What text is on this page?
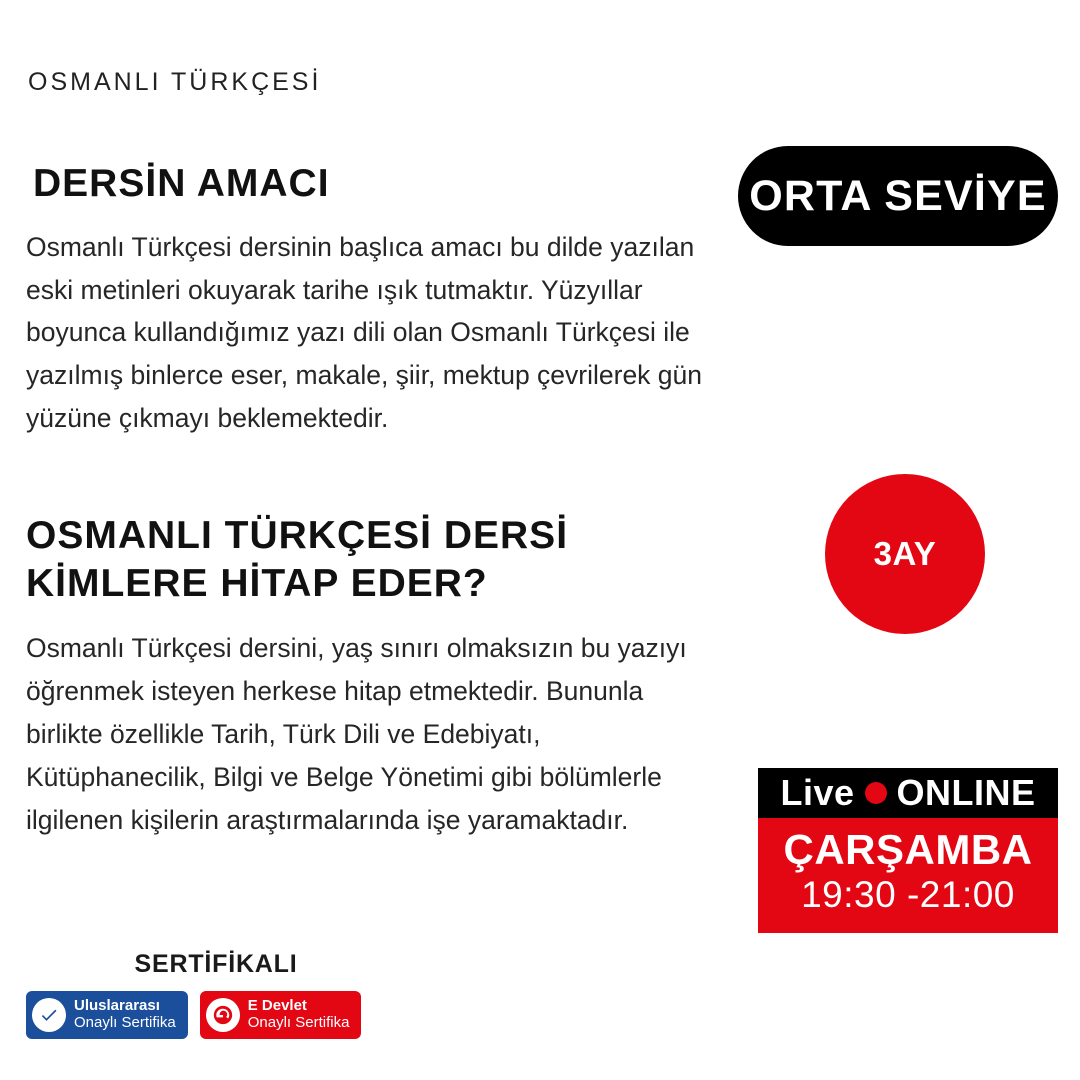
OSMANLI TÜRKÇESİ
DERSİN AMACI

Osmanlı Türkçesi dersinin başlıca amacı bu dilde yazılan eski metinleri okuyarak tarihe ışık tutmaktır. Yüzyıllar boyunca kullandığımız yazı dili olan Osmanlı Türkçesi ile yazılmış binlerce eser, makale, şiir, mektup çevrilerek gün yüzüne çıkmayı beklemektedir.

OSMANLI TÜRKÇESİ DERSİ KİMLERE HİTAP EDER?

Osmanlı Türkçesi dersini, yaş sınırı olmaksızın bu yazıyı öğrenmek isteyen herkese hitap etmektedir. Bununla birlikte özellikle Tarih, Türk Dili ve Edebiyatı, Kütüphanecilik, Bilgi ve Belge Yönetimi gibi bölümlerle ilgilenen kişilerin araştırmalarında işe yaramaktadır.

ORTA SEVİYE
3AY
Live ONLINE
ÇARŞAMBA
19:30 -21:00
SERTİFİKALI
Uluslararası
Onaylı Sertifika
E Devlet
Onaylı Sertifika
